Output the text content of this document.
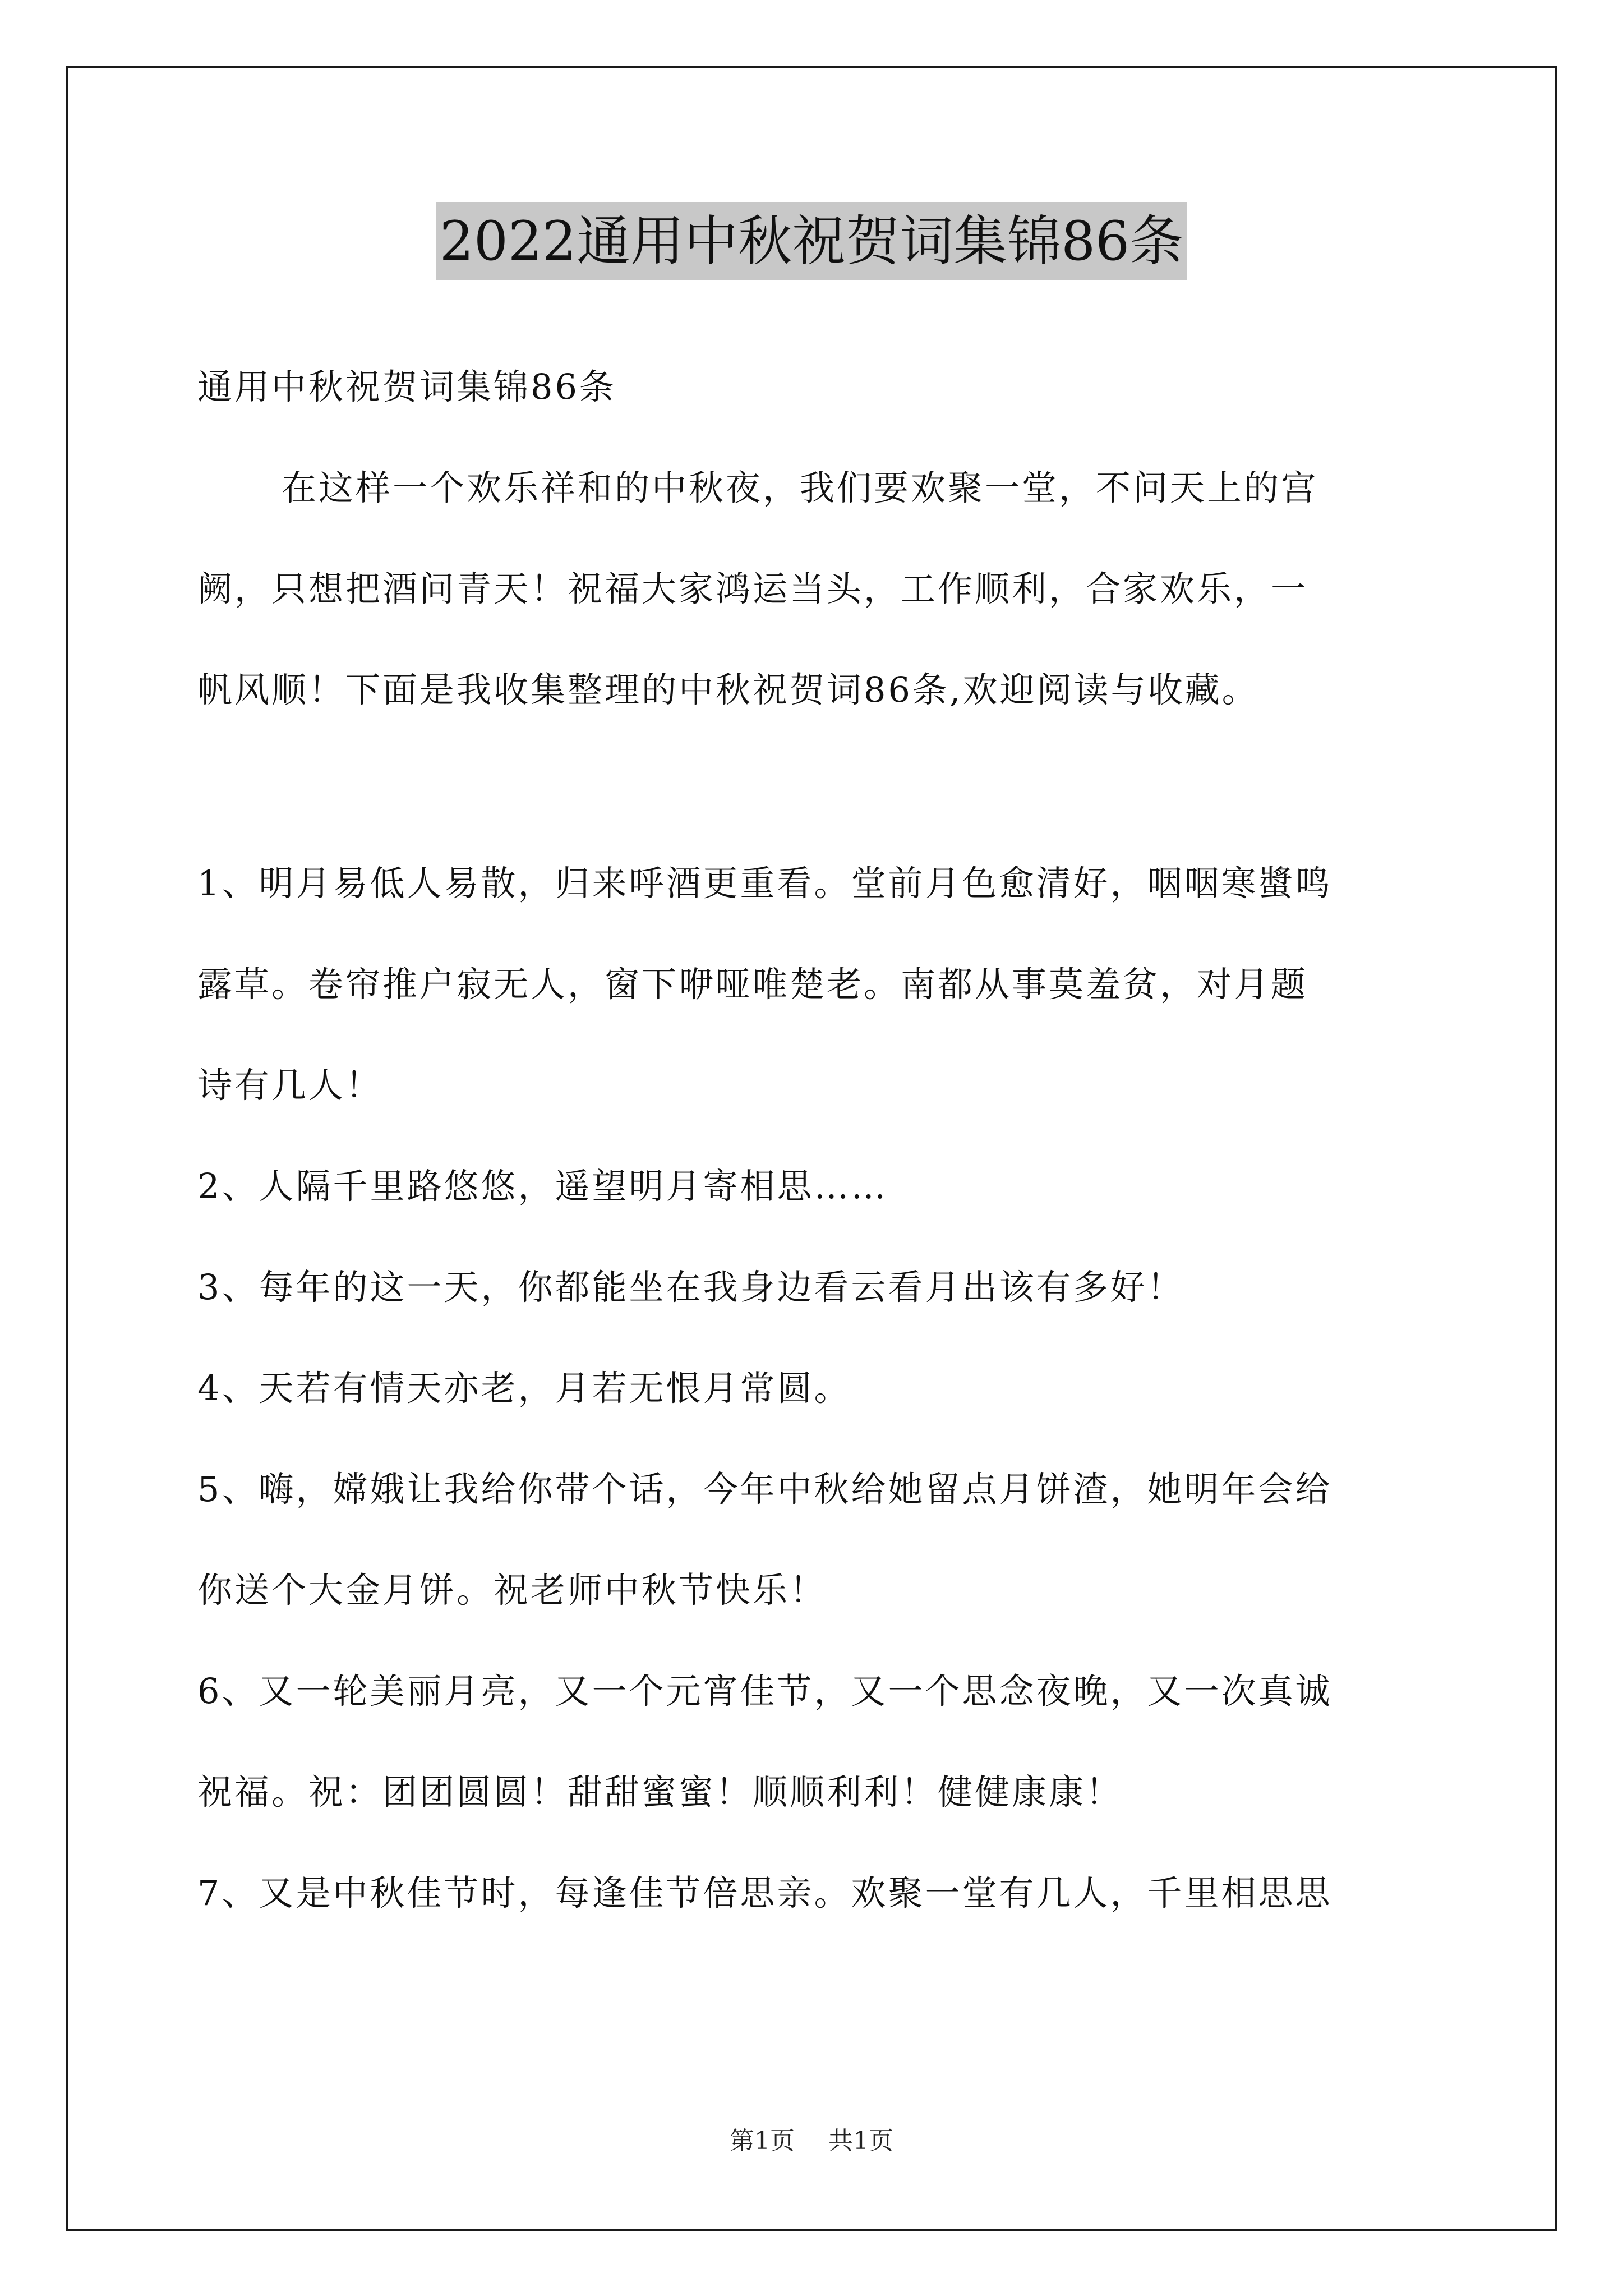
2022通用中秋祝贺词集锦86条
通用中秋祝贺词集锦86条
在这样一个欢乐祥和的中秋夜，我们要欢聚一堂，不问天上的宫
阙，只想把酒问青天！祝福大家鸿运当头，工作顺利，合家欢乐，一
帆风顺！下面是我收集整理的中秋祝贺词86条,欢迎阅读与收藏。
1、明月易低人易散，归来呼酒更重看。堂前月色愈清好，咽咽寒螿鸣
露草。卷帘推户寂无人，窗下咿哑唯楚老。南都从事莫羞贫，对月题
诗有几人！
2、人隔千里路悠悠，遥望明月寄相思……
3、每年的这一天，你都能坐在我身边看云看月出该有多好！
4、天若有情天亦老，月若无恨月常圆。
5、嗨，嫦娥让我给你带个话，今年中秋给她留点月饼渣，她明年会给
你送个大金月饼。祝老师中秋节快乐！
6、又一轮美丽月亮，又一个元宵佳节，又一个思念夜晚，又一次真诚
祝福。祝：团团圆圆！甜甜蜜蜜！顺顺利利！健健康康！
7、又是中秋佳节时，每逢佳节倍思亲。欢聚一堂有几人，千里相思思
第1页 共1页
